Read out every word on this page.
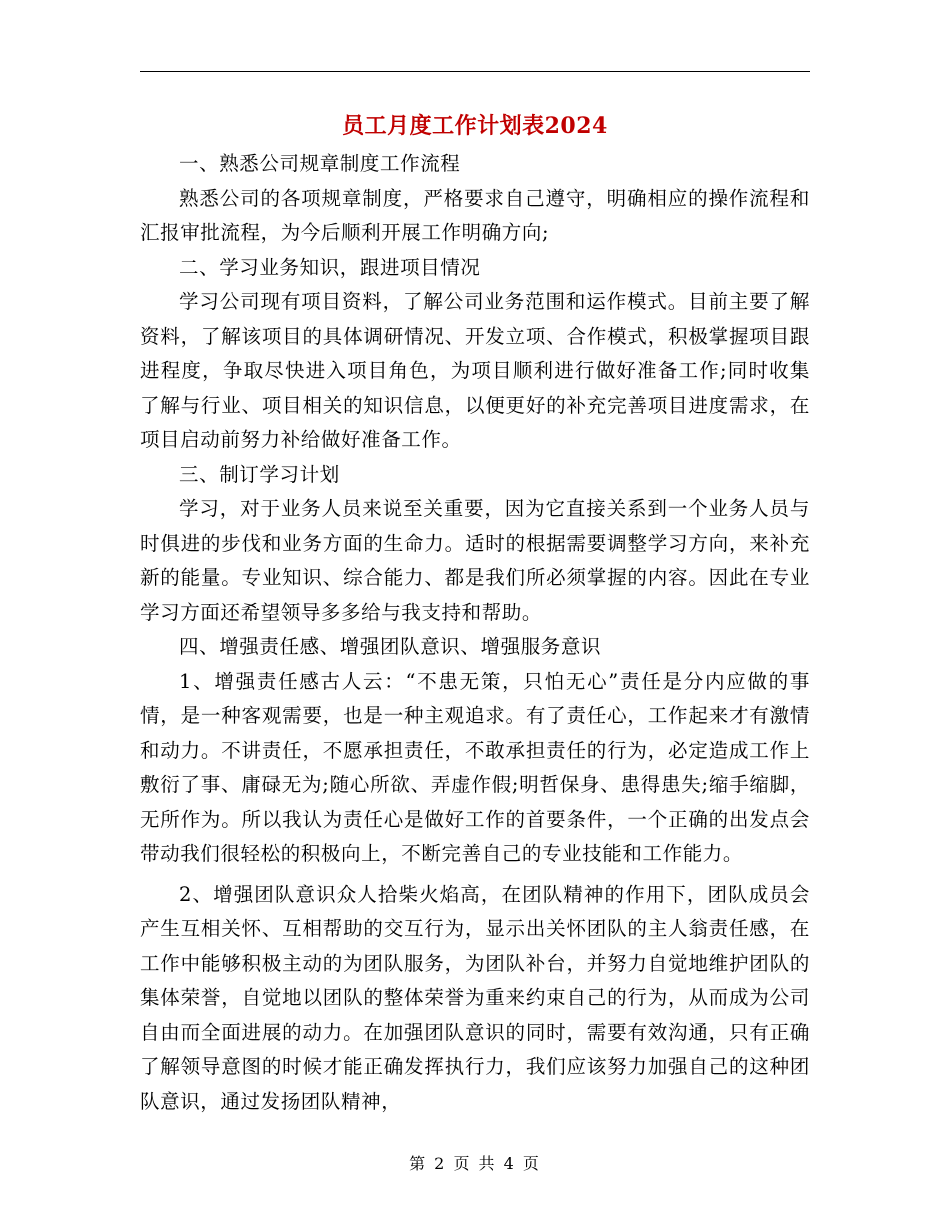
员工月度工作计划表2024

一、熟悉公司规章制度工作流程

熟悉公司的各项规章制度，严格要求自己遵守，明确相应的操作流程和汇报审批流程，为今后顺利开展工作明确方向;

二、学习业务知识，跟进项目情况

学习公司现有项目资料，了解公司业务范围和运作模式。目前主要了解资料，了解该项目的具体调研情况、开发立项、合作模式，积极掌握项目跟进程度，争取尽快进入项目角色，为项目顺利进行做好准备工作;同时收集了解与行业、项目相关的知识信息，以便更好的补充完善项目进度需求，在项目启动前努力补给做好准备工作。

三、制订学习计划

学习，对于业务人员来说至关重要，因为它直接关系到一个业务人员与时俱进的步伐和业务方面的生命力。适时的根据需要调整学习方向，来补充新的能量。专业知识、综合能力、都是我们所必须掌握的内容。因此在专业学习方面还希望领导多多给与我支持和帮助。

四、增强责任感、增强团队意识、增强服务意识

1、增强责任感古人云：“不患无策，只怕无心”责任是分内应做的事情，是一种客观需要，也是一种主观追求。有了责任心，工作起来才有激情和动力。不讲责任，不愿承担责任，不敢承担责任的行为，必定造成工作上敷衍了事、庸碌无为;随心所欲、弄虚作假;明哲保身、患得患失;缩手缩脚，无所作为。所以我认为责任心是做好工作的首要条件，一个正确的出发点会带动我们很轻松的积极向上，不断完善自己的专业技能和工作能力。

2、增强团队意识众人拾柴火焰高，在团队精神的作用下，团队成员会产生互相关怀、互相帮助的交互行为，显示出关怀团队的主人翁责任感，在工作中能够积极主动的为团队服务，为团队补台，并努力自觉地维护团队的集体荣誉，自觉地以团队的整体荣誉为重来约束自己的行为，从而成为公司自由而全面进展的动力。在加强团队意识的同时，需要有效沟通，只有正确了解领导意图的时候才能正确发挥执行力，我们应该努力加强自己的这种团队意识，通过发扬团队精神，

第 2 页 共 4 页
